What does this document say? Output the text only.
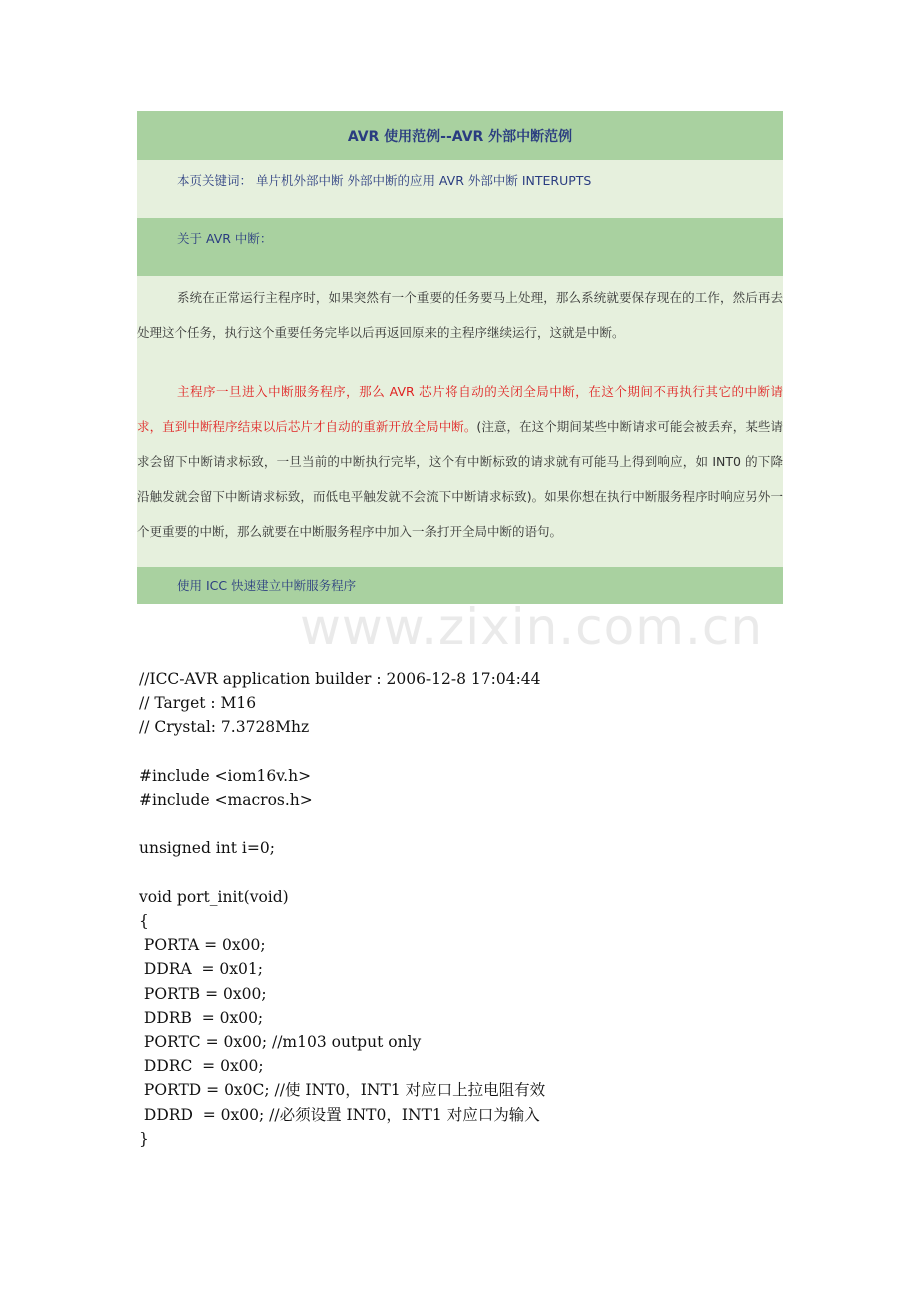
AVR 使用范例--AVR 外部中断范例
本页关键词： 单片机外部中断 外部中断的应用 AVR 外部中断 INTERUPTS
关于 AVR 中断：

系统在正常运行主程序时，如果突然有一个重要的任务要马上处理，那么系统就要保存现在的工作，然后再去处理这个任务，执行这个重要任务完毕以后再返回原来的主程序继续运行，这就是中断。

主程序一旦进入中断服务程序，那么 AVR 芯片将自动的关闭全局中断，在这个期间不再执行其它的中断请求，直到中断程序结束以后芯片才自动的重新开放全局中断。(注意，在这个期间某些中断请求可能会被丢弃，某些请求会留下中断请求标致，一旦当前的中断执行完毕，这个有中断标致的请求就有可能马上得到响应，如 INT0 的下降沿触发就会留下中断请求标致，而低电平触发就不会流下中断请求标致)。如果你想在执行中断服务程序时响应另外一个更重要的中断，那么就要在中断服务程序中加入一条打开全局中断的语句。

使用 ICC 快速建立中断服务程序
www.zixin.com.cn
//ICC-AVR application builder : 2006-12-8 17:04:44
// Target : M16
// Crystal: 7.3728Mhz

#include <iom16v.h>
#include <macros.h>

unsigned int i=0;

void port_init(void)
{
PORTA = 0x00;
DDRA  = 0x01;
PORTB = 0x00;
DDRB  = 0x00;
PORTC = 0x00; //m103 output only
DDRC  = 0x00;
PORTD = 0x0C; //使 INT0，INT1 对应口上拉电阻有效
DDRD  = 0x00; //必须设置 INT0，INT1 对应口为输入
}
